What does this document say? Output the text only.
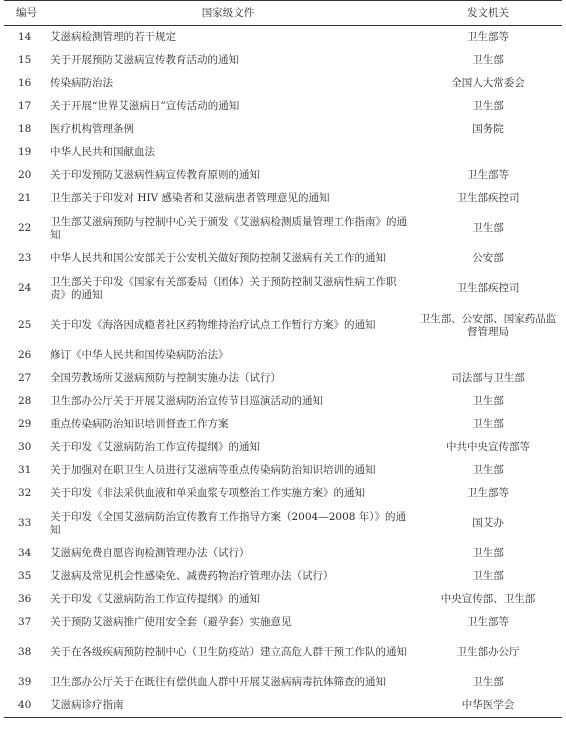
编号	国家级文件	发文机关
14	艾滋病检测管理的若干规定	卫生部等
15	关于开展预防艾滋病宣传教育活动的通知	卫生部
16	传染病防治法	全国人大常委会
17	关于开展“世界艾滋病日”宣传活动的通知	卫生部
18	医疗机构管理条例	国务院
19	中华人民共和国献血法	
20	关于印发预防艾滋病性病宣传教育原则的通知	卫生部等
21	卫生部关于印发对 HIV 感染者和艾滋病患者管理意见的通知	卫生部疾控司
22	卫生部艾滋病预防与控制中心关于颁发《艾滋病检测质量管理工作指南》的通知	卫生部
23	中华人民共和国公安部关于公安机关做好预防控制艾滋病有关工作的通知	公安部
24	卫生部关于印发《国家有关部委局（团体）关于预防控制艾滋病性病工作职责》的通知	卫生部疾控司
25	关于印发《海洛因成瘾者社区药物维持治疗试点工作暂行方案》的通知	卫生部、公安部、国家药品监督管理局
26	修订《中华人民共和国传染病防治法》	
27	全国劳教场所艾滋病预防与控制实施办法（试行）	司法部与卫生部
28	卫生部办公厅关于开展艾滋病防治宣传节目巡演活动的通知	卫生部
29	重点传染病防治知识培训督查工作方案	卫生部
30	关于印发《艾滋病防治工作宣传提纲》的通知	中共中央宣传部等
31	关于加强对在职卫生人员进行艾滋病等重点传染病防治知识培训的通知	卫生部
32	关于印发《非法采供血液和单采血浆专项整治工作实施方案》的通知	卫生部等
33	关于印发《全国艾滋病防治宣传教育工作指导方案（2004—2008 年）》的通知	国艾办
34	艾滋病免费自愿咨询检测管理办法（试行）	卫生部
35	艾滋病及常见机会性感染免、减费药物治疗管理办法（试行）	卫生部
36	关于印发《艾滋病防治工作宣传提纲》的通知	中央宣传部、卫生部
37	关于预防艾滋病推广使用安全套（避孕套）实施意见	卫生部等
38	关于在各级疾病预防控制中心（卫生防疫站）建立高危人群干预工作队的通知	卫生部办公厅
39	卫生部办公厅关于在既往有偿供血人群中开展艾滋病病毒抗体筛查的通知	卫生部
40	艾滋病诊疗指南	中华医学会
